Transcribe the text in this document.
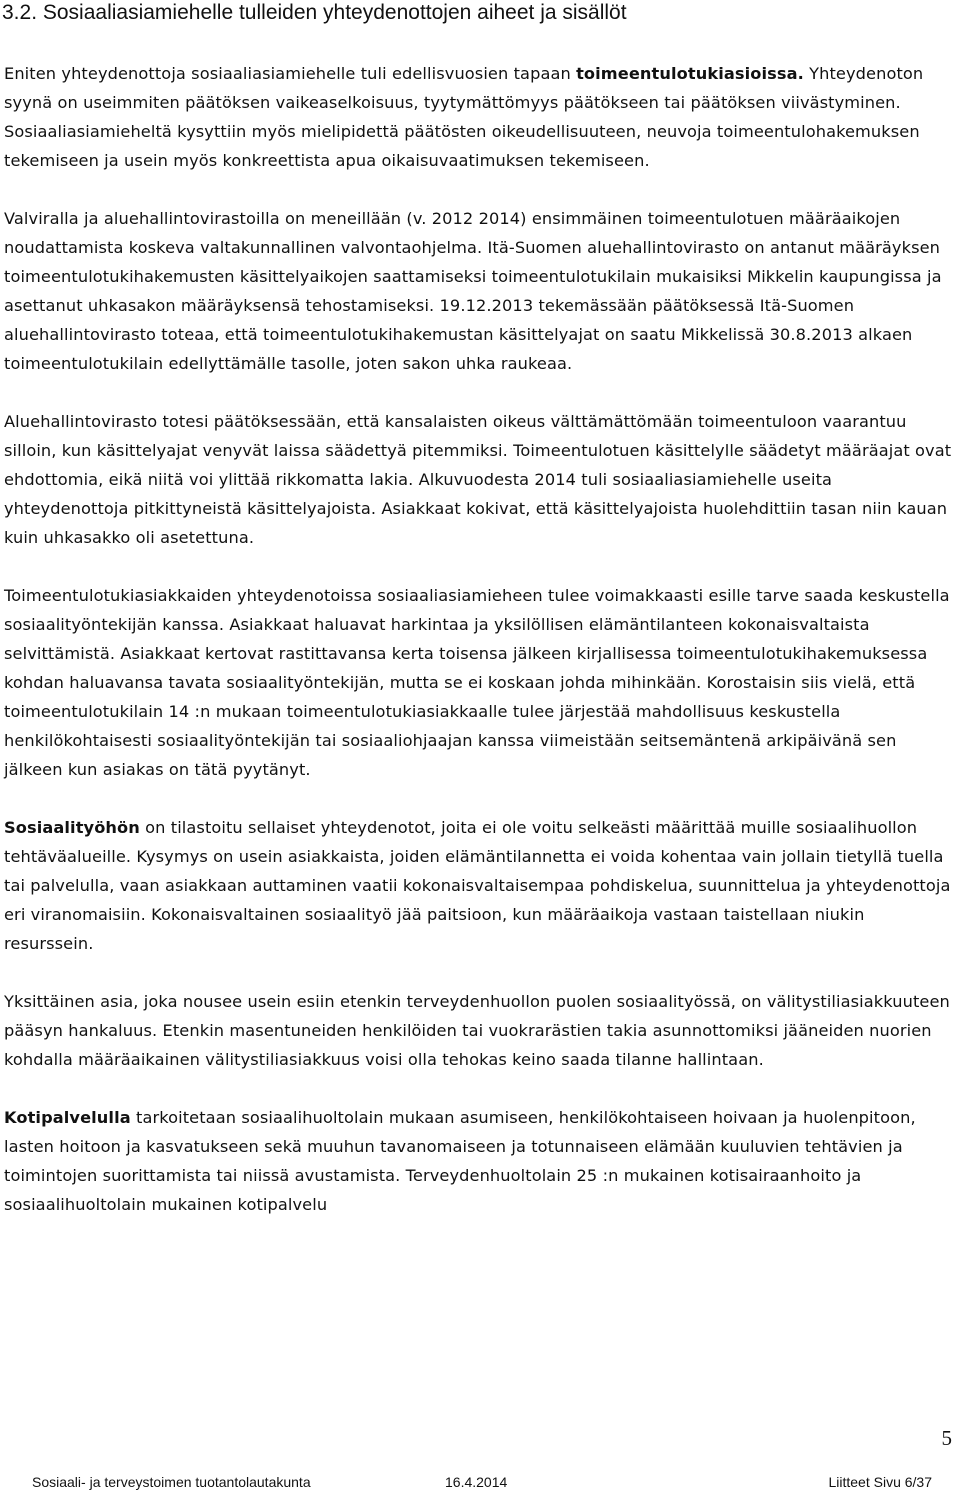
3.2. Sosiaaliasiamiehelle tulleiden yhteydenottojen aiheet ja sisällöt

Eniten yhteydenottoja sosiaaliasiamiehelle tuli edellisvuosien tapaan toimeentulotukiasioissa. Yhteydenoton syynä on useimmiten päätöksen vaikeaselkoisuus, tyytymättömyys päätökseen tai päätöksen viivästyminen. Sosiaaliasiamieheltä kysyttiin myös mielipidettä päätösten oikeudellisuuteen, neuvoja toimeentulohakemuksen tekemiseen ja usein myös konkreettista apua oikaisuvaatimuksen tekemiseen.

Valviralla ja aluehallintovirastoilla on meneillään (v. 2012 2014) ensimmäinen toimeentulotuen määräaikojen noudattamista koskeva valtakunnallinen valvontaohjelma. Itä-Suomen aluehallintovirasto on antanut määräyksen toimeentulotukihakemusten käsittelyaikojen saattamiseksi toimeentulotukilain mukaisiksi Mikkelin kaupungissa ja asettanut uhkasakon määräyksensä tehostamiseksi. 19.12.2013 tekemässään päätöksessä Itä-Suomen aluehallintovirasto toteaa, että toimeentulotukihakemustan käsittelyajat on saatu Mikkelissä 30.8.2013 alkaen toimeentulotukilain edellyttämälle tasolle, joten sakon uhka raukeaa.

Aluehallintovirasto totesi päätöksessään, että kansalaisten oikeus välttämättömään toimeentuloon vaarantuu silloin, kun käsittelyajat venyvät laissa säädettyä pitemmiksi. Toimeentulotuen käsittelylle säädetyt määräajat ovat ehdottomia, eikä niitä voi ylittää rikkomatta lakia. Alkuvuodesta 2014 tuli sosiaaliasiamiehelle useita yhteydenottoja pitkittyneistä käsittelyajoista. Asiakkaat kokivat, että käsittelyajoista huolehdittiin tasan niin kauan kuin uhkasakko oli asetettuna.

Toimeentulotukiasiakkaiden yhteydenotoissa sosiaaliasiamieheen tulee voimakkaasti esille tarve saada keskustella sosiaalityöntekijän kanssa. Asiakkaat haluavat harkintaa ja yksilöllisen elämäntilanteen kokonaisvaltaista selvittämistä. Asiakkaat kertovat rastittavansa kerta toisensa jälkeen kirjallisessa toimeentulotukihakemuksessa kohdan haluavansa tavata sosiaalityöntekijän, mutta se ei koskaan johda mihinkään. Korostaisin siis vielä, että toimeentulotukilain 14 :n mukaan toimeentulotukiasiakkaalle tulee järjestää mahdollisuus keskustella henkilökohtaisesti sosiaalityöntekijän tai sosiaaliohjaajan kanssa viimeistään seitsemäntenä arkipäivänä sen jälkeen kun asiakas on tätä pyytänyt.

Sosiaalityöhön on tilastoitu sellaiset yhteydenotot, joita ei ole voitu selkeästi määrittää muille sosiaalihuollon tehtäväalueille. Kysymys on usein asiakkaista, joiden elämäntilannetta ei voida kohentaa vain jollain tietyllä tuella tai palvelulla, vaan asiakkaan auttaminen vaatii kokonaisvaltaisempaa pohdiskelua, suunnittelua ja yhteydenottoja eri viranomaisiin. Kokonaisvaltainen sosiaalityö jää paitsioon, kun määräaikoja vastaan taistellaan niukin resurssein.

Yksittäinen asia, joka nousee usein esiin etenkin terveydenhuollon puolen sosiaalityössä, on välitystiliasiakkuuteen pääsyn hankaluus. Etenkin masentuneiden henkilöiden tai vuokrarästien takia asunnottomiksi jääneiden nuorien kohdalla määräaikainen välitystiliasiakkuus voisi olla tehokas keino saada tilanne hallintaan.

Kotipalvelulla tarkoitetaan sosiaalihuoltolain mukaan asumiseen, henkilökohtaiseen hoivaan ja huolenpitoon, lasten hoitoon ja kasvatukseen sekä muuhun tavanomaiseen ja totunnaiseen elämään kuuluvien tehtävien ja toimintojen suorittamista tai niissä avustamista. Terveydenhuoltolain 25 :n mukainen kotisairaanhoito ja sosiaalihuoltolain mukainen kotipalvelu

5
Sosiaali- ja terveystoimen tuotantolautakunta	16.4.2014	Liitteet Sivu 6/37
